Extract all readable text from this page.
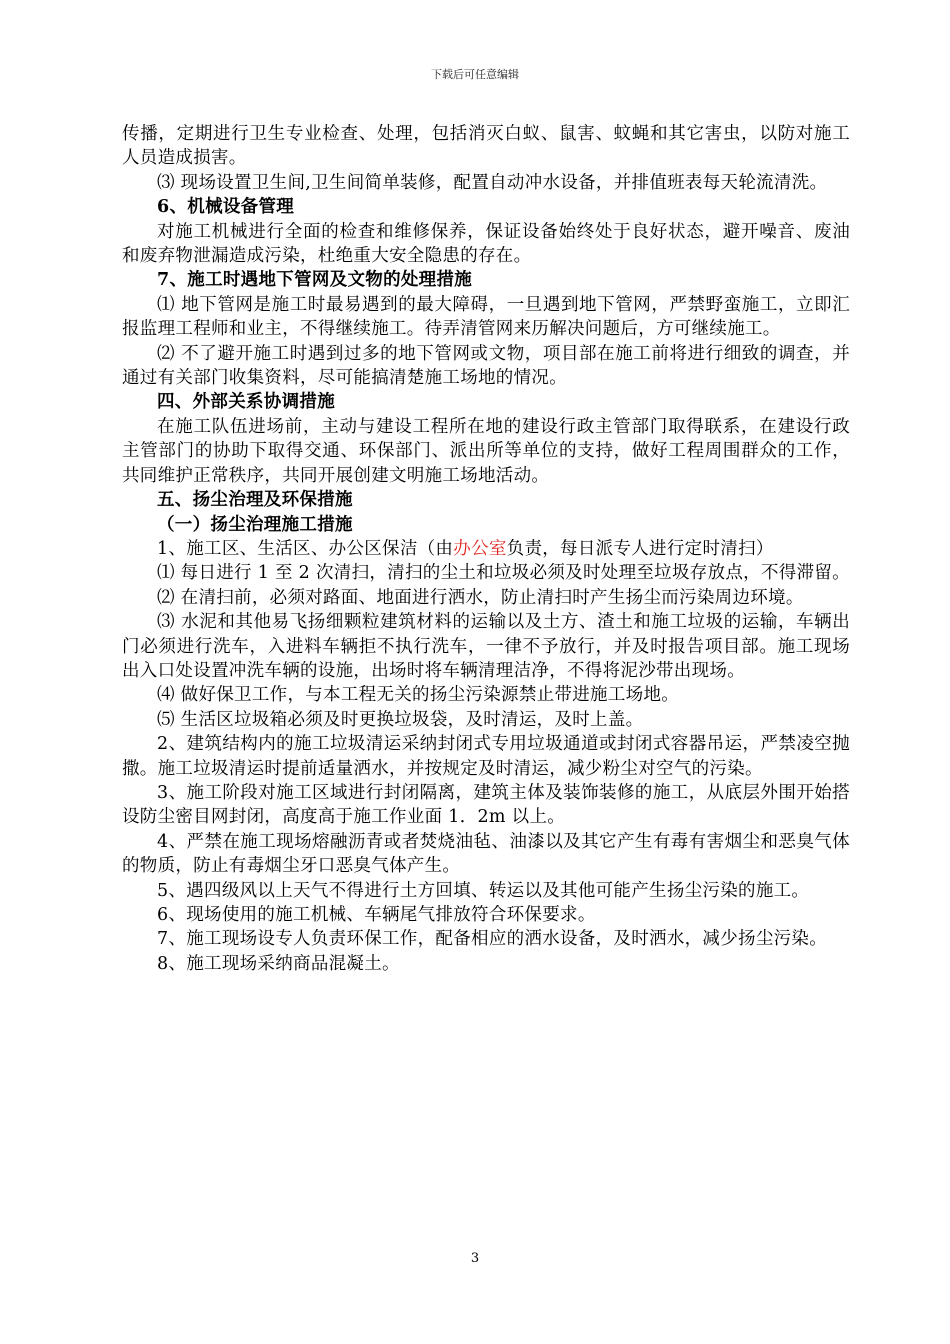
下载后可任意编辑

传播，定期进行卫生专业检查、处理，包括消灭白蚁、鼠害、蚊蝇和其它害虫，以防对施工人员造成损害。

⑶ 现场设置卫生间,卫生间简单装修，配置自动冲水设备，并排值班表每天轮流清洗。

6、机械设备管理

对施工机械进行全面的检查和维修保养，保证设备始终处于良好状态，避开噪音、废油和废弃物泄漏造成污染，杜绝重大安全隐患的存在。

7、施工时遇地下管网及文物的处理措施

⑴ 地下管网是施工时最易遇到的最大障碍，一旦遇到地下管网，严禁野蛮施工，立即汇报监理工程师和业主，不得继续施工。待弄清管网来历解决问题后，方可继续施工。

⑵ 不了避开施工时遇到过多的地下管网或文物，项目部在施工前将进行细致的调查，并通过有关部门收集资料，尽可能搞清楚施工场地的情况。

四、外部关系协调措施

在施工队伍进场前，主动与建设工程所在地的建设行政主管部门取得联系，在建设行政主管部门的协助下取得交通、环保部门、派出所等单位的支持，做好工程周围群众的工作，共同维护正常秩序，共同开展创建文明施工场地活动。

五、扬尘治理及环保措施

（一）扬尘治理施工措施

1、施工区、生活区、办公区保洁（由办公室负责，每日派专人进行定时清扫）

⑴ 每日进行 1 至 2 次清扫，清扫的尘土和垃圾必须及时处理至垃圾存放点，不得滞留。

⑵ 在清扫前，必须对路面、地面进行洒水，防止清扫时产生扬尘而污染周边环境。

⑶ 水泥和其他易飞扬细颗粒建筑材料的运输以及土方、渣土和施工垃圾的运输，车辆出门必须进行洗车，入进料车辆拒不执行洗车，一律不予放行，并及时报告项目部。施工现场出入口处设置冲洗车辆的设施，出场时将车辆清理洁净，不得将泥沙带出现场。

⑷ 做好保卫工作，与本工程无关的扬尘污染源禁止带进施工场地。

⑸ 生活区垃圾箱必须及时更换垃圾袋，及时清运，及时上盖。

2、建筑结构内的施工垃圾清运采纳封闭式专用垃圾通道或封闭式容器吊运，严禁凌空抛撒。施工垃圾清运时提前适量洒水，并按规定及时清运，减少粉尘对空气的污染。

3、施工阶段对施工区域进行封闭隔离，建筑主体及装饰装修的施工，从底层外围开始搭设防尘密目网封闭，高度高于施工作业面 1．2m 以上。

4、严禁在施工现场熔融沥青或者焚烧油毡、油漆以及其它产生有毒有害烟尘和恶臭气体的物质，防止有毒烟尘牙口恶臭气体产生。

5、遇四级风以上天气不得进行土方回填、转运以及其他可能产生扬尘污染的施工。

6、现场使用的施工机械、车辆尾气排放符合环保要求。

7、施工现场设专人负责环保工作，配备相应的洒水设备，及时洒水，减少扬尘污染。

8、施工现场采纳商品混凝土。

3
